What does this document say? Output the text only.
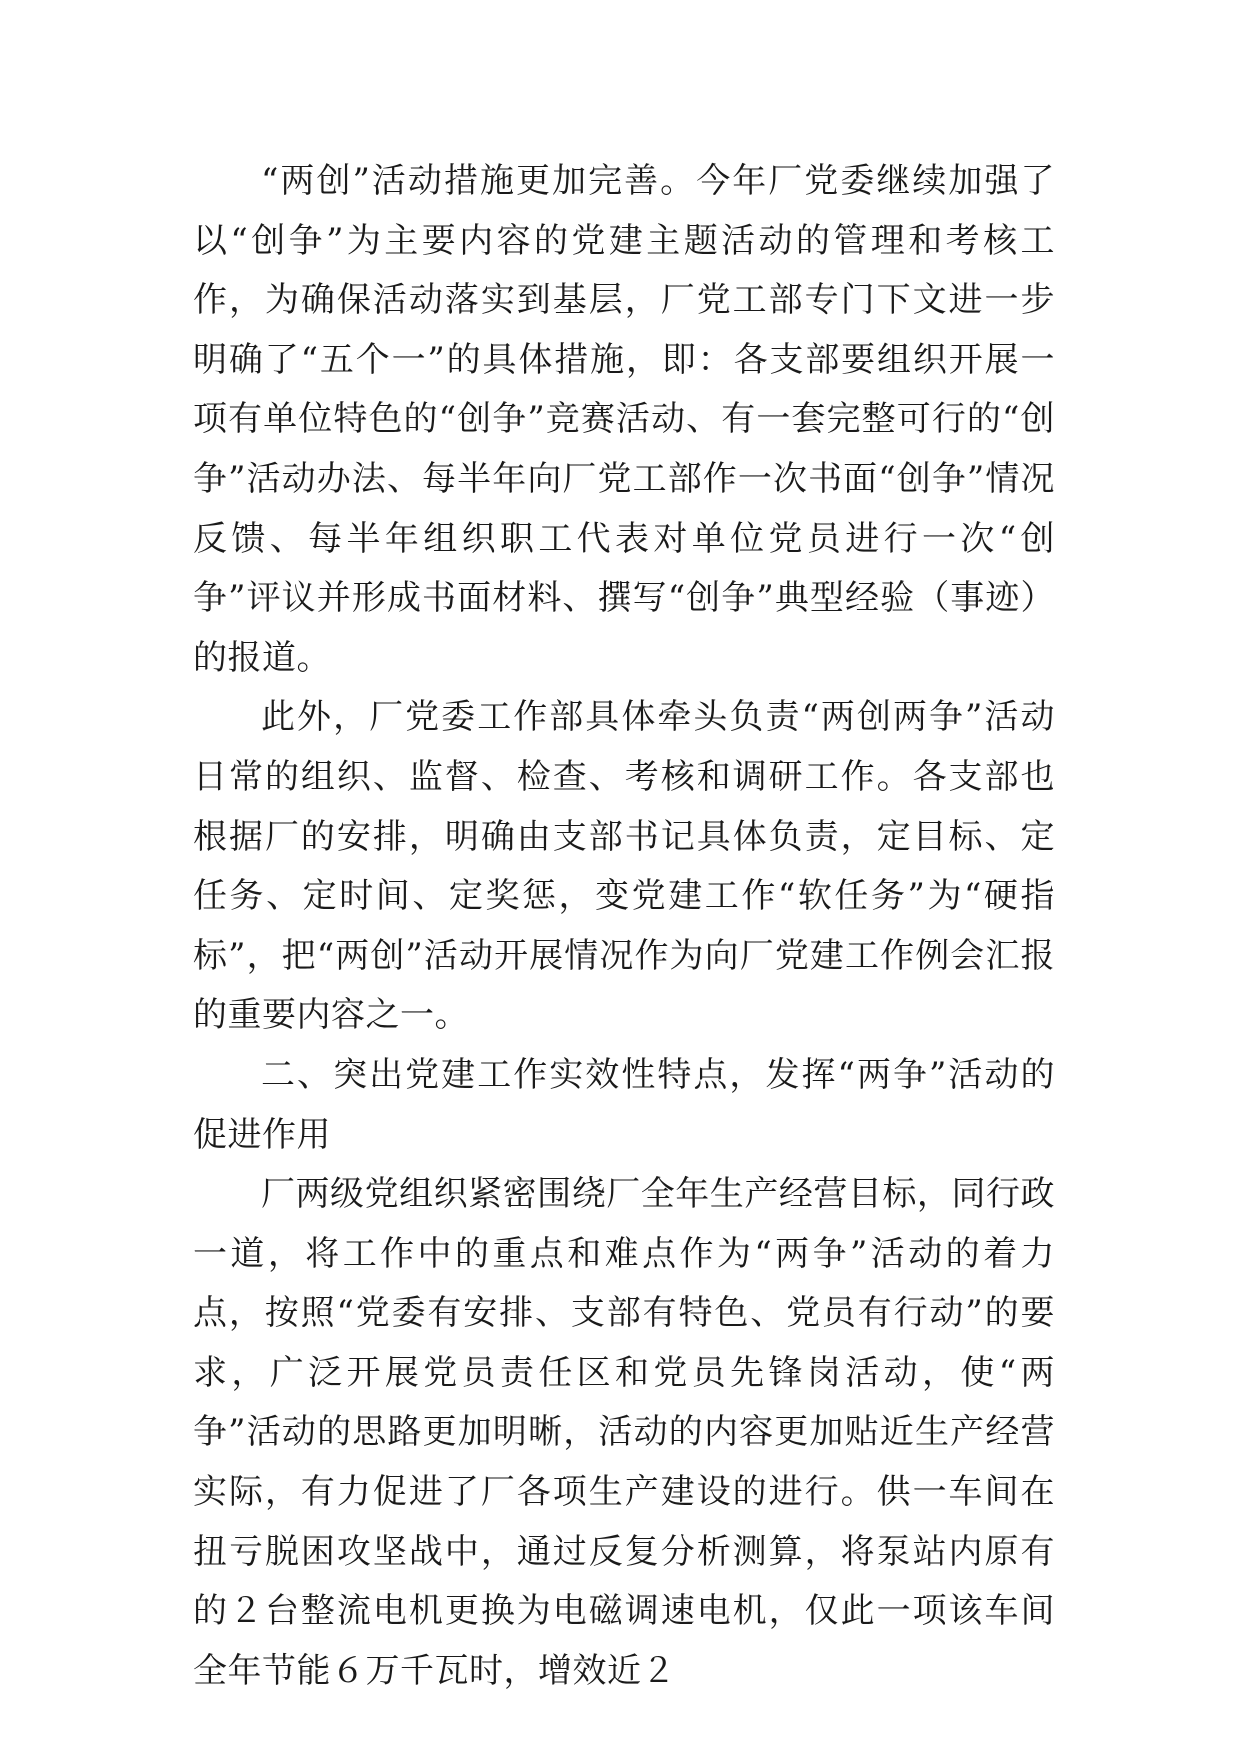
“两创”活动措施更加完善。今年厂党委继续加强了以“创争”为主要内容的党建主题活动的管理和考核工作，为确保活动落实到基层，厂党工部专门下文进一步明确了“五个一”的具体措施，即：各支部要组织开展一项有单位特色的“创争”竞赛活动、有一套完整可行的“创争”活动办法、每半年向厂党工部作一次书面“创争”情况反馈、每半年组织职工代表对单位党员进行一次“创争”评议并形成书面材料、撰写“创争”典型经验（事迹）的报道。

此外，厂党委工作部具体牵头负责“两创两争”活动日常的组织、监督、检查、考核和调研工作。各支部也根据厂的安排，明确由支部书记具体负责，定目标、定任务、定时间、定奖惩，变党建工作“软任务”为“硬指标”，把“两创”活动开展情况作为向厂党建工作例会汇报的重要内容之一。

二、突出党建工作实效性特点，发挥“两争”活动的促进作用

厂两级党组织紧密围绕厂全年生产经营目标，同行政一道，将工作中的重点和难点作为“两争”活动的着力点，按照“党委有安排、支部有特色、党员有行动”的要求，广泛开展党员责任区和党员先锋岗活动，使“两争”活动的思路更加明晰，活动的内容更加贴近生产经营实际，有力促进了厂各项生产建设的进行。供一车间在扭亏脱困攻坚战中，通过反复分析测算，将泵站内原有的２台整流电机更换为电磁调速电机，仅此一项该车间全年节能６万千瓦时，增效近２
